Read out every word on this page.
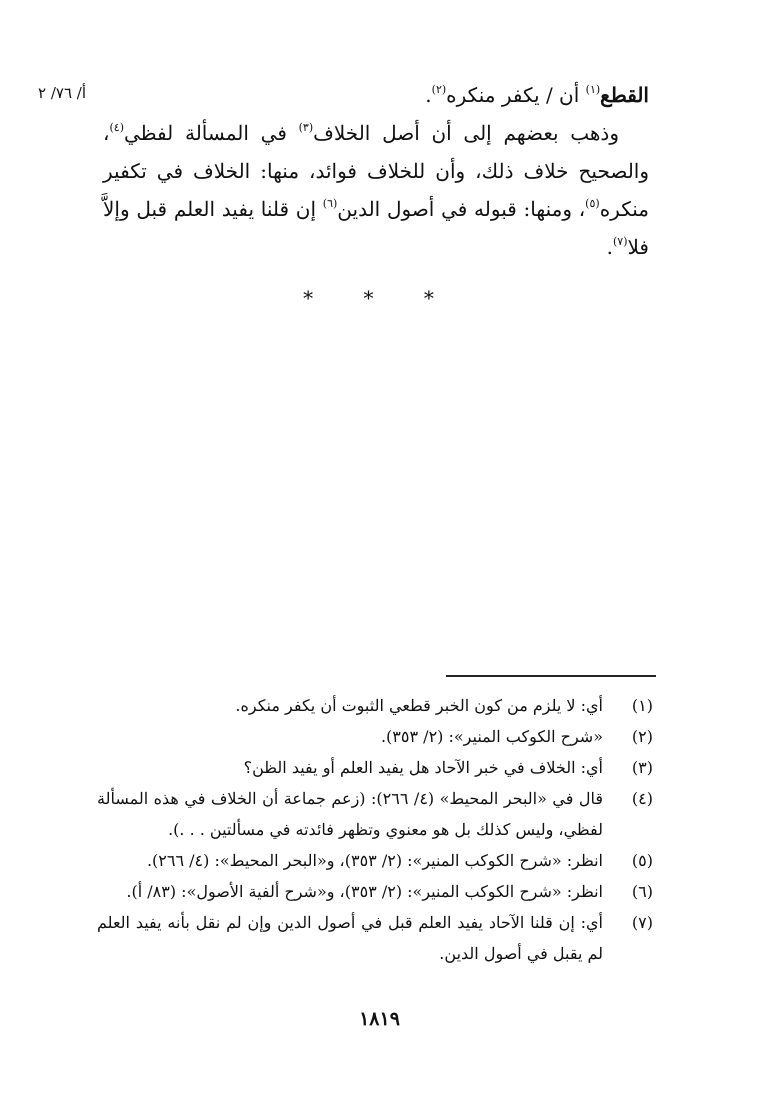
أ/ ٧٦/ ٢	القطع$^{(١)}$ أن / يكفر منكره$^{(٢)}$.

وذهب بعضهم إلى أن أصل الخلاف$^{(٣)}$ في المسألة لفظي$^{(٤)}$، والصحيح خلاف ذلك، وأن للخلاف فوائد، منها: الخلاف في تكفير منكره$^{(٥)}$، ومنها: قبوله في أصول الدين$^{(٦)}$ إن قلنا يفيد العلم قبل وإلاَّ فلا$^{(٧)}$.

* * *
(١)
أي: لا يلزم من كون الخبر قطعي الثبوت أن يكفر منكره.
(٢)
«شرح الكوكب المنير»: (٢/ ٣٥٣).
(٣)
أي: الخلاف في خبر الآحاد هل يفيد العلم أو يفيد الظن؟
(٤)
قال في «البحر المحيط» (٤/ ٢٦٦): (زعم جماعة أن الخلاف في هذه المسألة لفظي، وليس كذلك بل هو معنوي وتظهر فائدته في مسألتين . . .).
(٥)
انظر: «شرح الكوكب المنير»: (٢/ ٣٥٣)، و«البحر المحيط»: (٤/ ٢٦٦).
(٦)
انظر: «شرح الكوكب المنير»: (٢/ ٣٥٣)، و«شرح ألفية الأصول»: (٨٣/ أ).
(٧)
أي: إن قلنا الآحاد يفيد العلم قبل في أصول الدين وإن لم نقل بأنه يفيد العلم لم يقبل في أصول الدين.
١٨١٩
